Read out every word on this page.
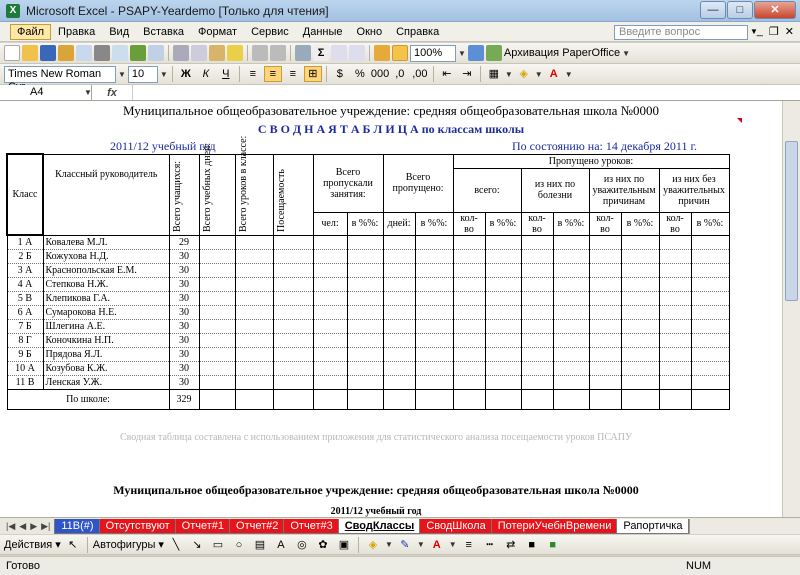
X Microsoft Excel - PSAPY-Yeardemo [Только для чтения]	—	□	✕
Файл	Правка	Вид	Вставка	Формат	Сервис	Данные	Окно	Справка	Введите вопрос	▼
_ ❐ ✕
Σ	100%	▼	Архивация PaperOffice ▼
Times New Roman	▼ 10	▼	Ж	К	Ч	≡	≡	≡	⊞	$	% 000 ,0 ,00	⇤ ⇥	▦ ▼ ◈ ▼ A ▼
A4	▼	fx
Муниципальное общеобразовательное учреждение: средняя общеобразовательная школа №0000
С В О Д Н А Я Т А Б Л И Ц А по классам школы
2011/12 учебный год	По состоянию на: 14 декабря 2011 г.
Класс	Классный руководитель	Всего учащихся:	Всего учебных дней:	Всего уроков в классе:	Посещаемость	Всего пропускали занятия:		Всего пропущено:		Пропущено уроков:							
										всего:		из них по болезни		из них по уважительным причинам		из них без уважительных причин	
						чел:	в %%:	дней:	в %%:	кол-во	в %%:	кол-во	в %%:	кол-во	в %%:	кол-во	в %%:
1 А	Ковалева М.Л.	29															
2 Б	Кожухова Н.Д.	30															
3 А	Краснопольская Е.М.	30															
4 А	Степкова Н.Ж.	30															
5 В	Клепикова Г.А.	30															
6 А	Сумарокова Н.Е.	30															
7 Б	Шлегина А.Е.	30															
8 Г	Коночкина Н.П.	30															
9 Б	Прядова Я.Л.	30															
10 А	Козубова К.Ж.	30															
11 В	Ленская У.Ж.	30															
По школе:		329															
Сводная таблица составлена с использованием приложения для статистического анализа посещаемости уроков ПСАПУ
Муниципальное общеобразовательное учреждение: средняя общеобразовательная школа №0000
2011/12 учебный год
|◀ ◀ ▶ ▶|	11В(#)	Отсутствуют	Отчет#1	Отчет#2	Отчет#3	СводКлассы	СводШкола	ПотериУчебнВремени	Рапортичка
Действия ▾ ↖	Автофигуры ▾ ╲	↘	▭	○	▤	A	◎	✿	▣	◈ ▼ ✎ ▼ A	▼ ≡	┅	⇄	■	■
Готово	NUM
